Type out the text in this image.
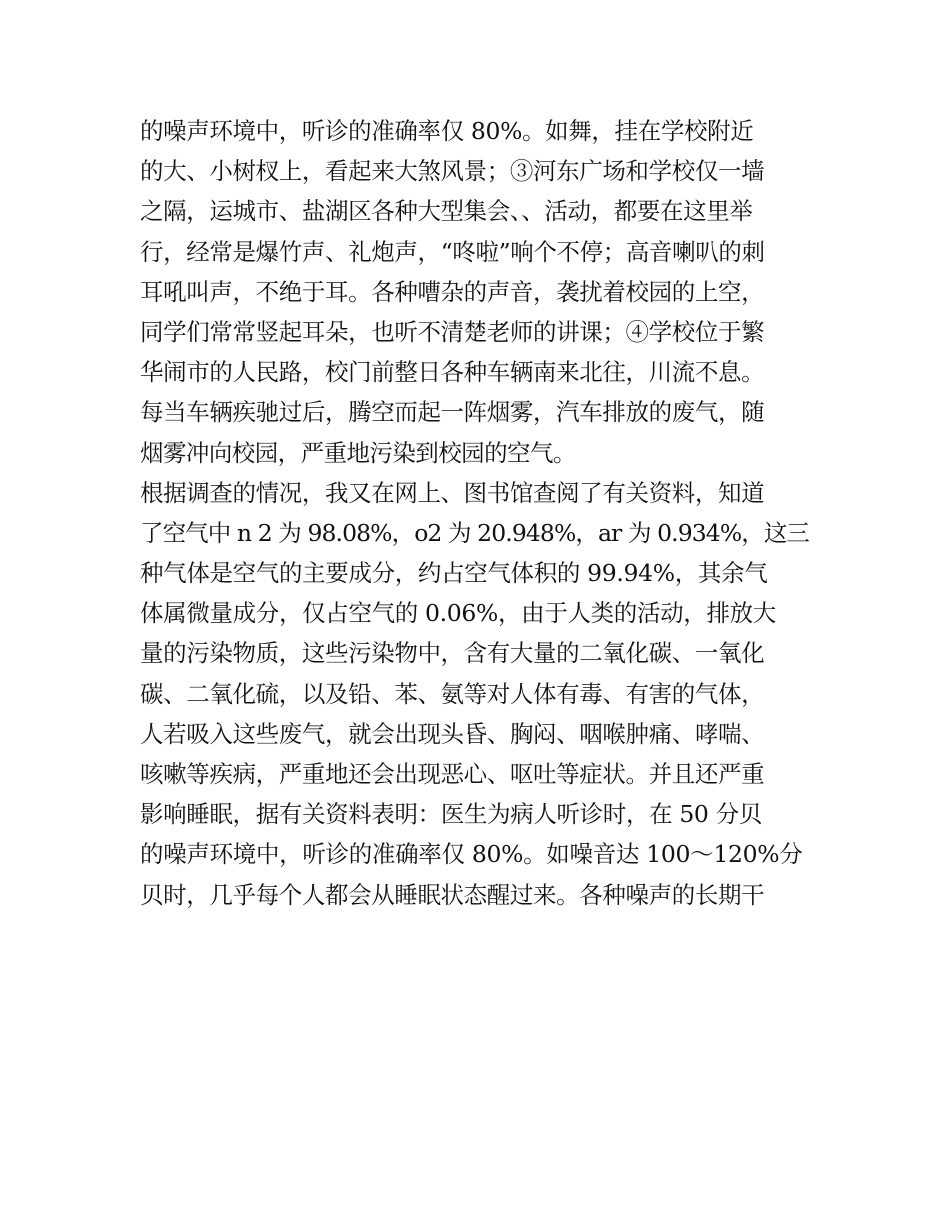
的噪声环境中，听诊的准确率仅 80%。如舞，挂在学校附近
的大、小树杈上，看起来大煞风景；③河东广场和学校仅一墙
之隔，运城市、盐湖区各种大型集会、、活动，都要在这里举
行，经常是爆竹声、礼炮声，“咚啦”响个不停；高音喇叭的刺
耳吼叫声，不绝于耳。各种嘈杂的声音，袭扰着校园的上空，
同学们常常竖起耳朵，也听不清楚老师的讲课；④学校位于繁
华闹市的人民路，校门前整日各种车辆南来北往，川流不息。
每当车辆疾驰过后，腾空而起一阵烟雾，汽车排放的废气，随
烟雾冲向校园，严重地污染到校园的空气。
根据调查的情况，我又在网上、图书馆查阅了有关资料，知道
了空气中 n 2 为 98.08%，o2 为 20.948%，ar 为 0.934%，这三
种气体是空气的主要成分，约占空气体积的 99.94%，其余气
体属微量成分，仅占空气的 0.06%，由于人类的活动，排放大
量的污染物质，这些污染物中，含有大量的二氧化碳、一氧化
碳、二氧化硫，以及铅、苯、氨等对人体有毒、有害的气体，
人若吸入这些废气，就会出现头昏、胸闷、咽喉肿痛、哮喘、
咳嗽等疾病，严重地还会出现恶心、呕吐等症状。并且还严重
影响睡眠，据有关资料表明：医生为病人听诊时，在 50 分贝
的噪声环境中，听诊的准确率仅 80%。如噪音达 100～120%分
贝时，几乎每个人都会从睡眠状态醒过来。各种噪声的长期干
